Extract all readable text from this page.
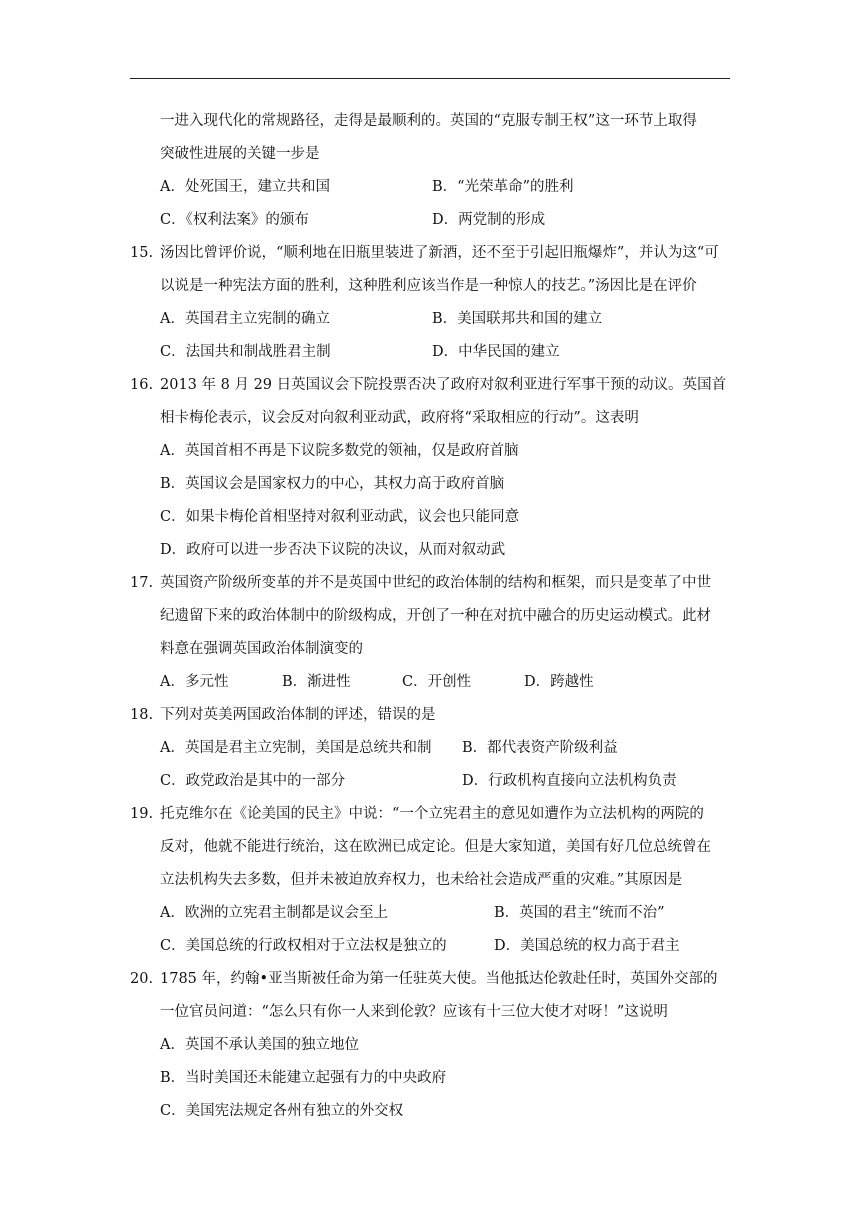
一进入现代化的常规路径，走得是最顺利的。英国的“克服专制王权”这一环节上取得
突破性进展的关键一步是
A．处死国王，建立共和国	B．“光荣革命”的胜利
C．《权利法案》的颁布	D．两党制的形成
15. 汤因比曾评价说，“顺利地在旧瓶里装进了新酒，还不至于引起旧瓶爆炸”，并认为这“可
以说是一种宪法方面的胜利，这种胜利应该当作是一种惊人的技艺。”汤因比是在评价
A．英国君主立宪制的确立	B．美国联邦共和国的建立
C．法国共和制战胜君主制	D．中华民国的建立
16. 2013 年 8 月 29 日英国议会下院投票否决了政府对叙利亚进行军事干预的动议。英国首
相卡梅伦表示，议会反对向叙利亚动武，政府将“采取相应的行动”。这表明
A．英国首相不再是下议院多数党的领袖，仅是政府首脑
B．英国议会是国家权力的中心，其权力高于政府首脑
C．如果卡梅伦首相坚持对叙利亚动武，议会也只能同意
D．政府可以进一步否决下议院的决议，从而对叙动武
17. 英国资产阶级所变革的并不是英国中世纪的政治体制的结构和框架，而只是变革了中世
纪遗留下来的政治体制中的阶级构成，开创了一种在对抗中融合的历史运动模式。此材
料意在强调英国政治体制演变的
A．多元性	B．渐进性	C．开创性	D．跨越性
18. 下列对英美两国政治体制的评述，错误的是
A．英国是君主立宪制，美国是总统共和制 B．都代表资产阶级利益
C．政党政治是其中的一部分	D．行政机构直接向立法机构负责
19. 托克维尔在《论美国的民主》中说：“一个立宪君主的意见如遭作为立法机构的两院的
反对，他就不能进行统治，这在欧洲已成定论。但是大家知道，美国有好几位总统曾在
立法机构失去多数，但并未被迫放弃权力，也未给社会造成严重的灾难。”其原因是
A．欧洲的立宪君主制都是议会至上	B．英国的君主“统而不治”
C．美国总统的行政权相对于立法权是独立的	D．美国总统的权力高于君主
20. 1785 年，约翰•亚当斯被任命为第一任驻英大使。当他抵达伦敦赴任时，英国外交部的
一位官员问道：“怎么只有你一人来到伦敦？应该有十三位大使才对呀！”这说明
A．英国不承认美国的独立地位
B．当时美国还未能建立起强有力的中央政府
C．美国宪法规定各州有独立的外交权
